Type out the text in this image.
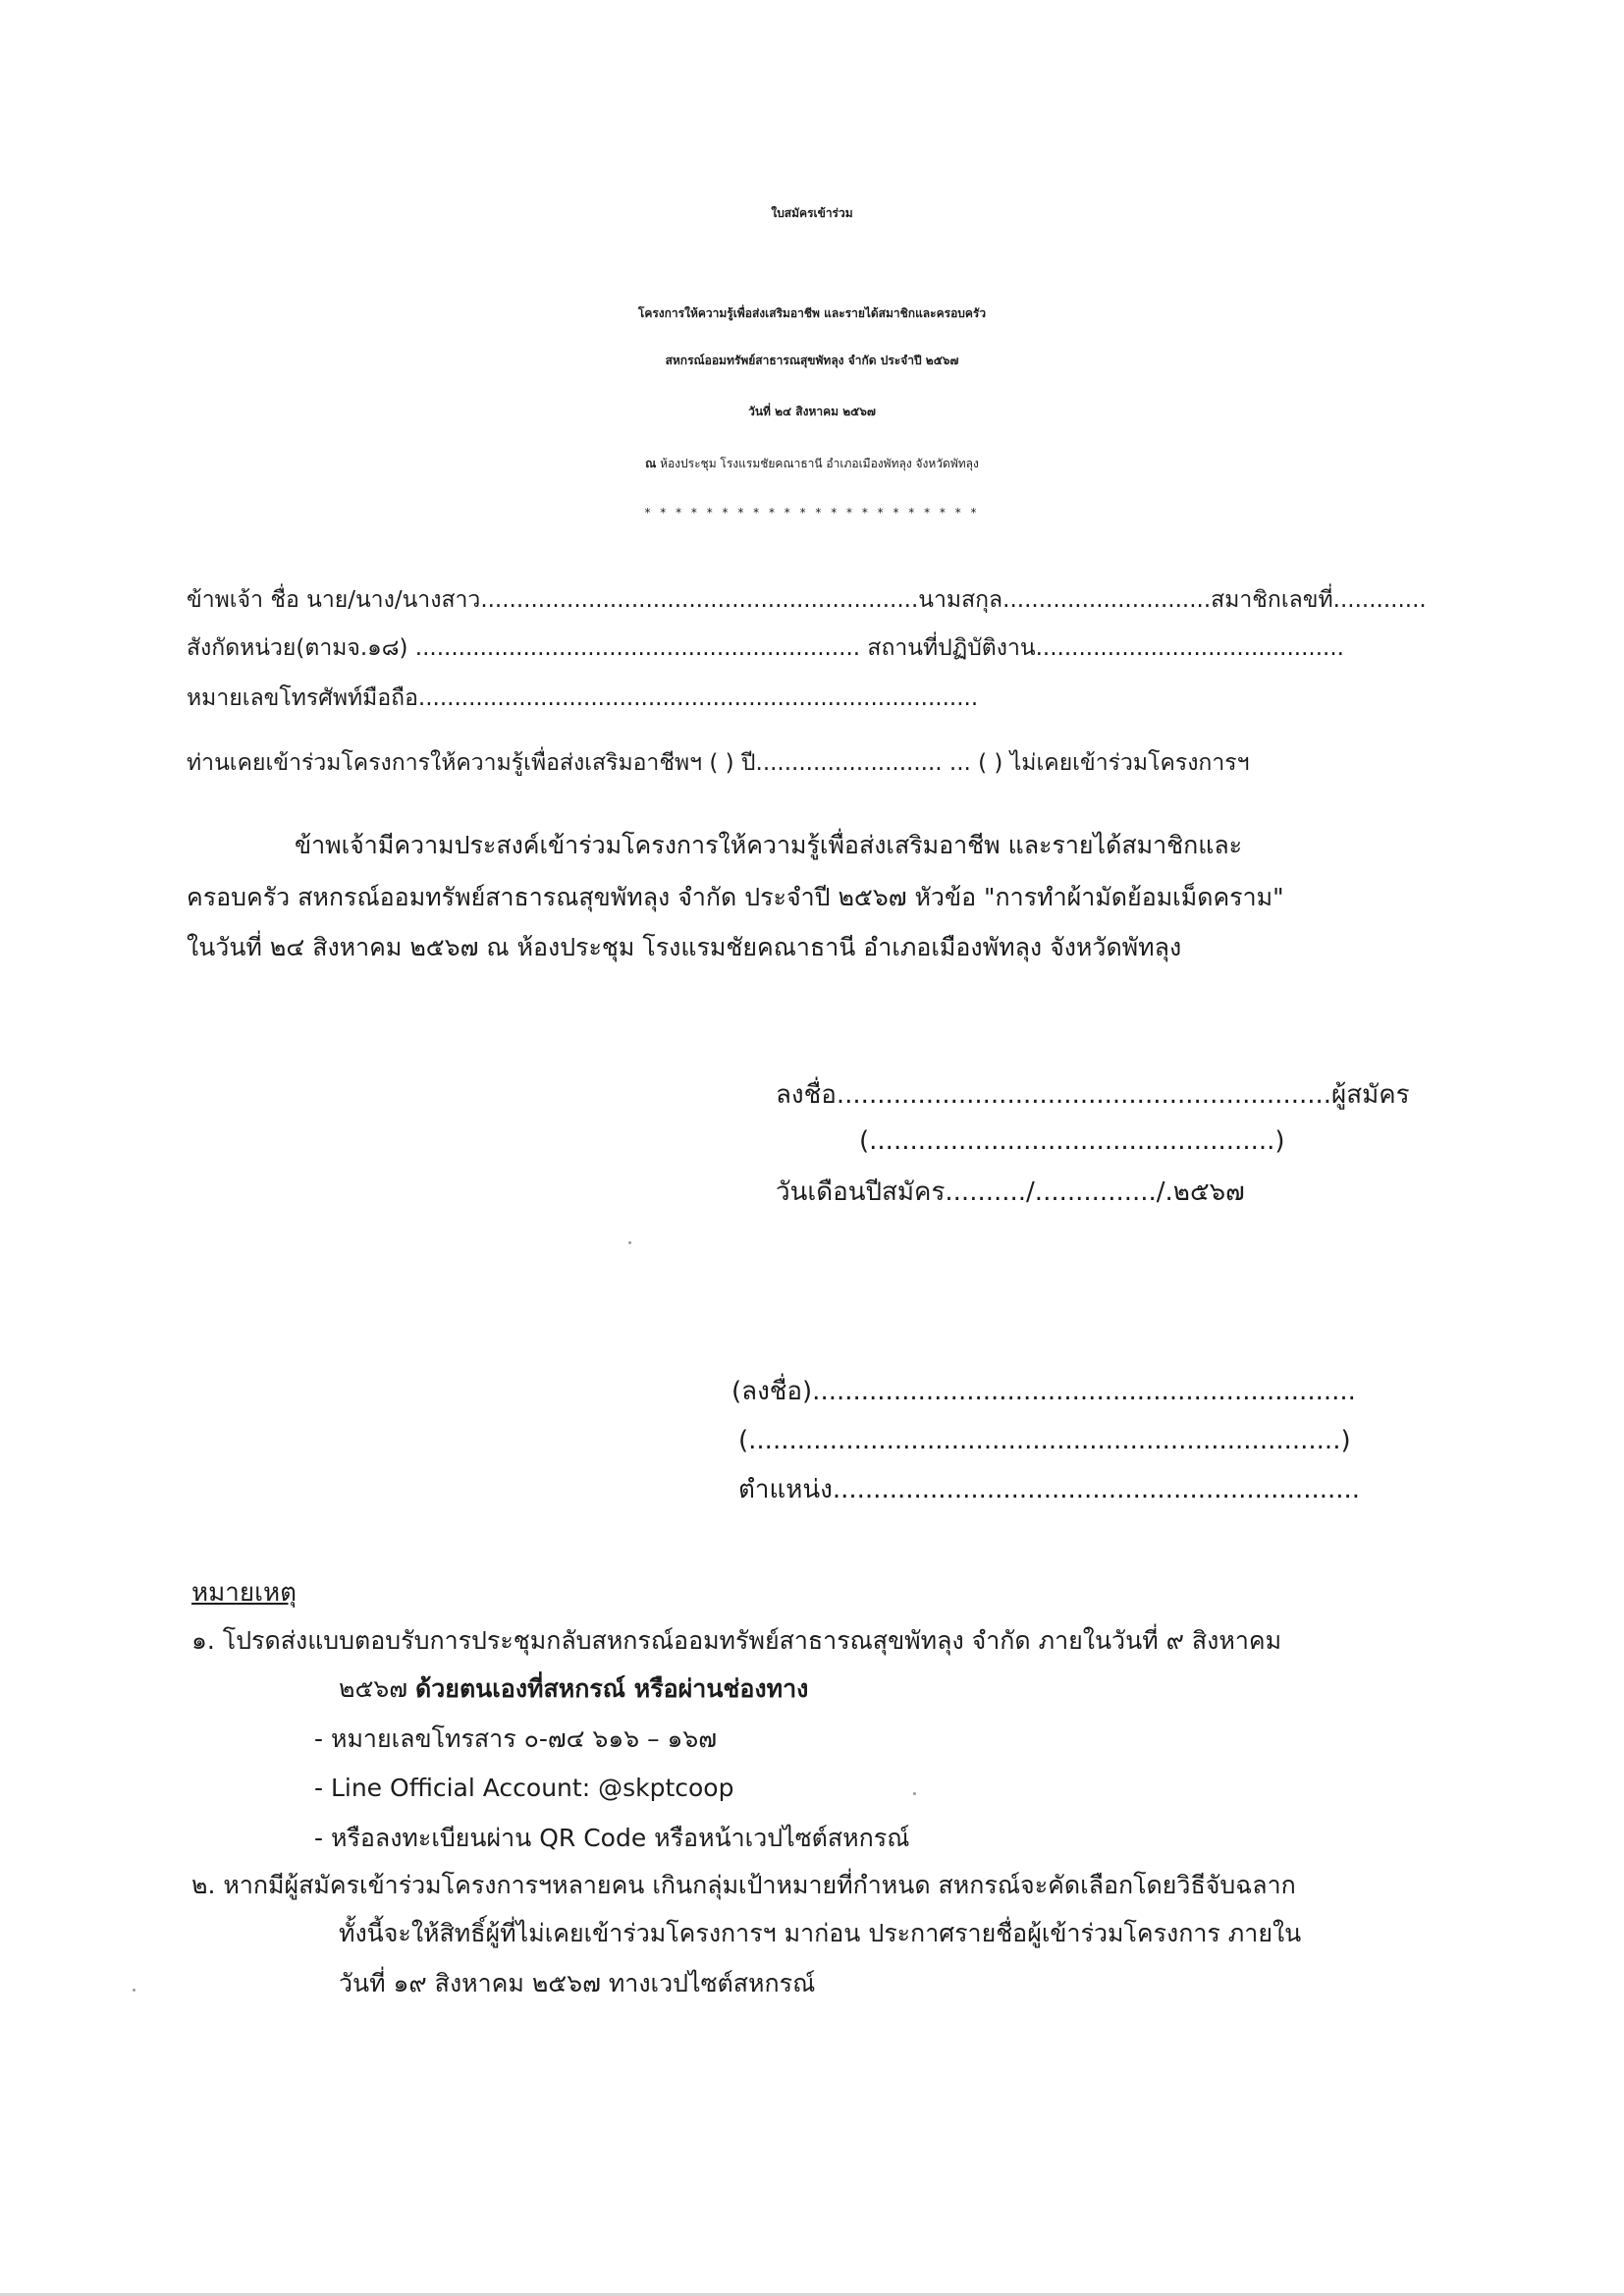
ใบสมัครเข้าร่วม
โครงการให้ความรู้เพื่อส่งเสริมอาชีพ และรายได้สมาชิกและครอบครัว
สหกรณ์ออมทรัพย์สาธารณสุขพัทลุง จำกัด ประจำปี ๒๕๖๗
วันที่ ๒๔ สิงหาคม ๒๕๖๗
ณ ห้องประชุม โรงแรมชัยคณาธานี อำเภอเมืองพัทลุง จังหวัดพัทลุง
* * * * * * * * * * * * * * * * * * * * * *
ข้าพเจ้า ชื่อ นาย/นาง/นางสาว.............................................................นามสกุล.............................สมาชิกเลขที่.............
สังกัดหน่วย(ตามจ.๑๘) .............................................................. สถานที่ปฏิบัติงาน...........................................
หมายเลขโทรศัพท์มือถือ..............................................................................
ท่านเคยเข้าร่วมโครงการให้ความรู้เพื่อส่งเสริมอาชีพฯ ( ) ปี.......................... ... ( ) ไม่เคยเข้าร่วมโครงการฯ
ข้าพเจ้ามีความประสงค์เข้าร่วมโครงการให้ความรู้เพื่อส่งเสริมอาชีพ และรายได้สมาชิกและ
ครอบครัว สหกรณ์ออมทรัพย์สาธารณสุขพัทลุง จำกัด ประจำปี ๒๕๖๗ หัวข้อ "การทำผ้ามัดย้อมเม็ดคราม"
ในวันที่ ๒๔ สิงหาคม ๒๕๖๗ ณ ห้องประชุม โรงแรมชัยคณาธานี อำเภอเมืองพัทลุง จังหวัดพัทลุง
ลงชื่อ.............................................................ผู้สมัคร
(..................................................)
วันเดือนปีสมัคร........../.............../.๒๕๖๗
(ลงชื่อ)...................................................................
(.........................................................................)
ตำแหน่ง.................................................................
หมายเหตุ
๑. โปรดส่งแบบตอบรับการประชุมกลับสหกรณ์ออมทรัพย์สาธารณสุขพัทลุง จำกัด ภายในวันที่ ๙ สิงหาคม
๒๕๖๗ ด้วยตนเองที่สหกรณ์ หรือผ่านช่องทาง
- หมายเลขโทรสาร ๐-๗๔ ๖๑๖ – ๑๖๗
- Line Official Account: @skptcoop
- หรือลงทะเบียนผ่าน QR Code หรือหน้าเวปไซต์สหกรณ์
๒. หากมีผู้สมัครเข้าร่วมโครงการฯหลายคน เกินกลุ่มเป้าหมายที่กำหนด สหกรณ์จะคัดเลือกโดยวิธีจับฉลาก
ทั้งนี้จะให้สิทธิ์ผู้ที่ไม่เคยเข้าร่วมโครงการฯ มาก่อน ประกาศรายชื่อผู้เข้าร่วมโครงการ ภายใน
วันที่ ๑๙ สิงหาคม ๒๕๖๗ ทางเวปไซต์สหกรณ์
